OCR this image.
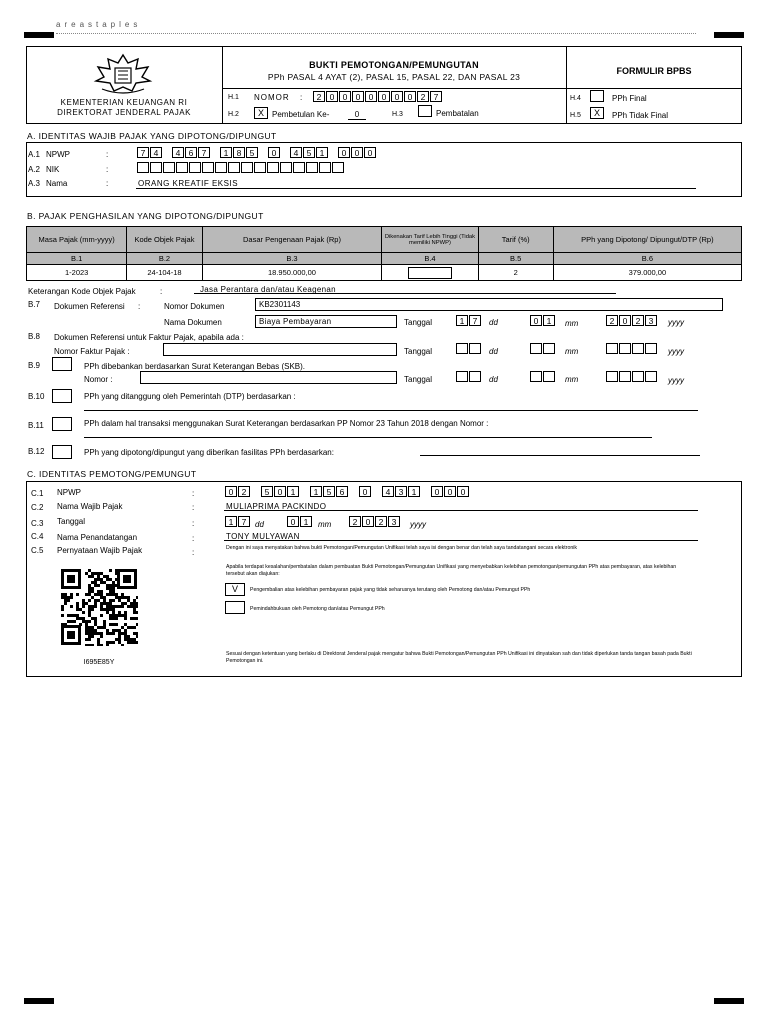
areastaples
KEMENTERIAN KEUANGAN RI
DIREKTORAT JENDERAL PAJAK
BUKTI PEMOTONGAN/PEMUNGUTAN
PPh PASAL 4 AYAT (2), PASAL 15, PASAL 22, DAN PASAL 23
FORMULIR BPBS
H.1 NOMOR :	2 0 0 0 0 0 0 0 2 7
H.2	X	Pembetulan Ke-	0	H.3	Pembatalan
H.4	PPh Final
H.5	X	PPh Tidak Final
A. IDENTITAS WAJIB PAJAK YANG DIPOTONG/DIPUNGUT
A.1 NPWP	:	7 4	4 6 7	1 8 5	0	4 5 1	0 0 0
A.2 NIK	:
A.3 Nama	:	ORANG KREATIF EKSIS
B. PAJAK PENGHASILAN YANG DIPOTONG/DIPUNGUT
Masa Pajak (mm-yyyy)	Kode Objek Pajak	Dasar Pengenaan Pajak (Rp)	Dikenakan Tarif Lebih Tinggi (Tidak memiliki NPWP)	Tarif (%)	PPh yang Dipotong/ Dipungut/DTP (Rp)
B.1	B.2	B.3	B.4	B.5	B.6
1-2023	24-104-18	18.950.000,00		2	379.000,00
Keterangan Kode Objek Pajak	:	Jasa Perantara dan/atau Keagenan
B.7 Dokumen Referensi :	Nomor Dokumen	KB2301143
Nama Dokumen	Biaya Pembayaran	Tanggal	1 7	dd	0 1	mm	2 0 2 3	yyyy
B.8 Dokumen Referensi untuk Faktur Pajak, apabila ada :
Nomor Faktur Pajak :	Tanggal	dd	mm	yyyy
B.9	PPh dibebankan berdasarkan Surat Keterangan Bebas (SKB).
Nomor :	Tanggal	dd	mm	yyyy
B.10	PPh yang ditanggung oleh Pemerintah (DTP) berdasarkan :
B.11	PPh dalam hal transaksi menggunakan Surat Keterangan berdasarkan PP Nomor 23 Tahun 2018 dengan Nomor :
B.12	PPh yang dipotong/dipungut yang diberikan fasilitas PPh berdasarkan:
C. IDENTITAS PEMOTONG/PEMUNGUT
C.1 NPWP	:	0 2	5 0 1	1 5 6	0	4 3 1	0 0 0
C.2 Nama Wajib Pajak	:	MULIAPRIMA PACKINDO
C.3 Tanggal	:	1 7	dd	0 1	mm	2 0 2 3	yyyy
C.4 Nama Penandatangan	:	TONY MULYAWAN
C.5 Pernyataan Wajib Pajak	:	Dengan ini saya menyatakan bahwa bukti Pemotongan/Pemungutan Unifikasi telah saya isi dengan benar dan telah saya tandatangani secara elektronik
Apabila terdapat kesalahan/pembatalan dalam pembuatan Bukti Pemotongan/Pemungutan Unifikasi yang menyebabkan kelebihan pemotongan/pemungutan PPh atas pembayaran, atas kelebihan tersebut akan diajukan:
V	Pengembalian atas kelebihan pembayaran pajak yang tidak seharusnya terutang oleh Pemotong dan/atau Pemungut PPh
Pemindahbukuan oleh Pemotong dan/atau Pemungut PPh
Sesuai dengan ketentuan yang berlaku di Direktorat Jenderal pajak mengatur bahwa Bukti Pemotongan/Pemungutan PPh Unifikasi ini dinyatakan sah dan tidak diperlukan tanda tangan basah pada Bukti Pemotongan ini.
I695E85Y
